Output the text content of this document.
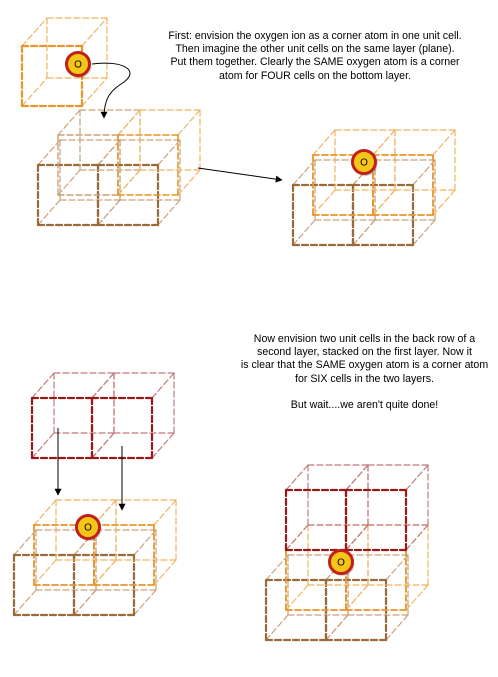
O
O
O
O

First: envision the oxygen ion as a corner atom in one unit cell.

Then imagine the other unit cells on the same layer (plane).

Put them together. Clearly the SAME oxygen atom is a corner

atom for FOUR cells on the bottom layer.

Now envision two unit cells in the back row of a

second layer, stacked on the first layer. Now it

is clear that the SAME oxygen atom is a corner atom

for SIX cells in the two layers.

But wait....we aren't quite done!
